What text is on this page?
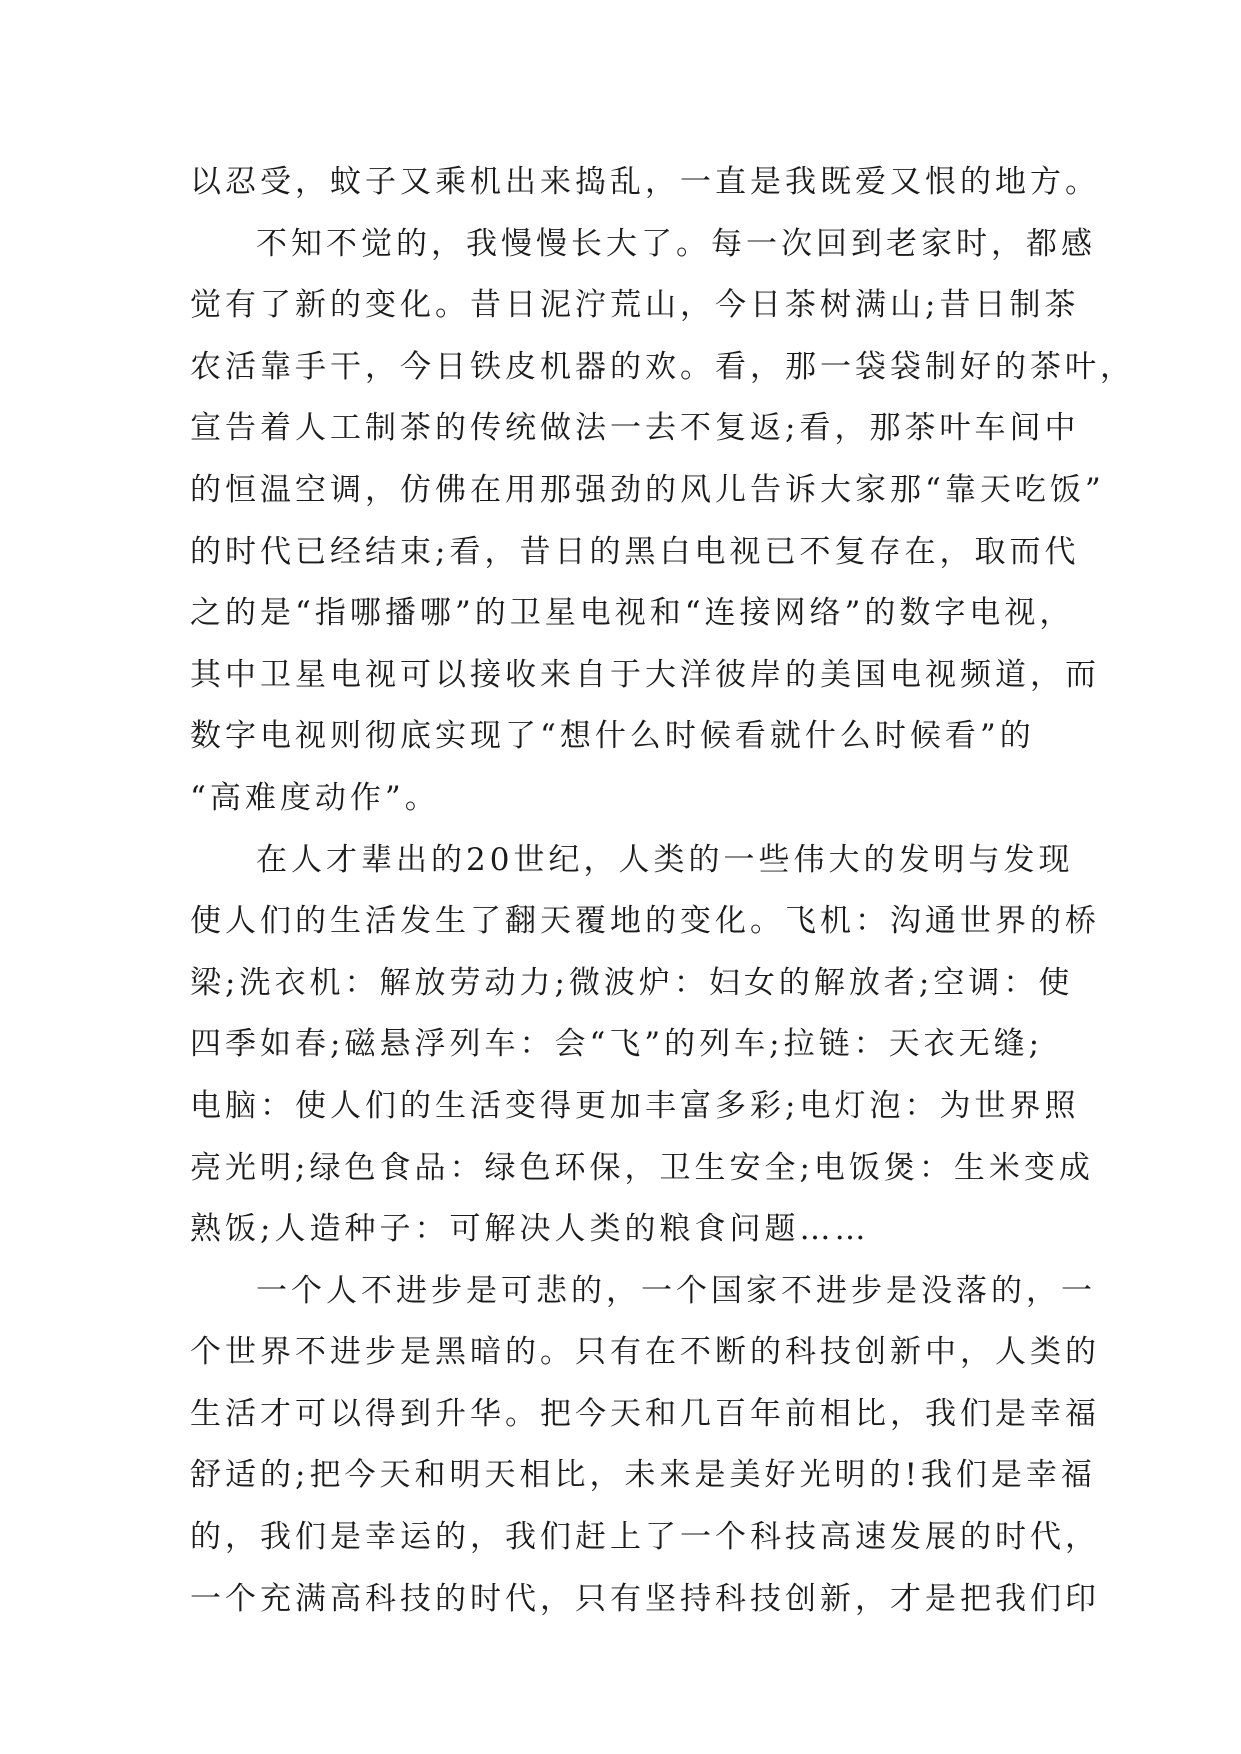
以忍受，蚊子又乘机出来捣乱，一直是我既爱又恨的地方。
不知不觉的，我慢慢长大了。每一次回到老家时，都感
觉有了新的变化。昔日泥泞荒山，今日茶树满山;昔日制茶
农活靠手干，今日铁皮机器的欢。看，那一袋袋制好的茶叶，
宣告着人工制茶的传统做法一去不复返;看，那茶叶车间中
的恒温空调，仿佛在用那强劲的风儿告诉大家那“靠天吃饭”
的时代已经结束;看，昔日的黑白电视已不复存在，取而代
之的是“指哪播哪”的卫星电视和“连接网络”的数字电视，
其中卫星电视可以接收来自于大洋彼岸的美国电视频道，而
数字电视则彻底实现了“想什么时候看就什么时候看”的
“高难度动作”。
在人才辈出的20世纪，人类的一些伟大的发明与发现
使人们的生活发生了翻天覆地的变化。飞机：沟通世界的桥
梁;洗衣机：解放劳动力;微波炉：妇女的解放者;空调：使
四季如春;磁悬浮列车：会“飞”的列车;拉链：天衣无缝;
电脑：使人们的生活变得更加丰富多彩;电灯泡：为世界照
亮光明;绿色食品：绿色环保，卫生安全;电饭煲：生米变成
熟饭;人造种子：可解决人类的粮食问题……
一个人不进步是可悲的，一个国家不进步是没落的，一
个世界不进步是黑暗的。只有在不断的科技创新中，人类的
生活才可以得到升华。把今天和几百年前相比，我们是幸福
舒适的;把今天和明天相比，未来是美好光明的!我们是幸福
的，我们是幸运的，我们赶上了一个科技高速发展的时代，
一个充满高科技的时代，只有坚持科技创新，才是把我们印
